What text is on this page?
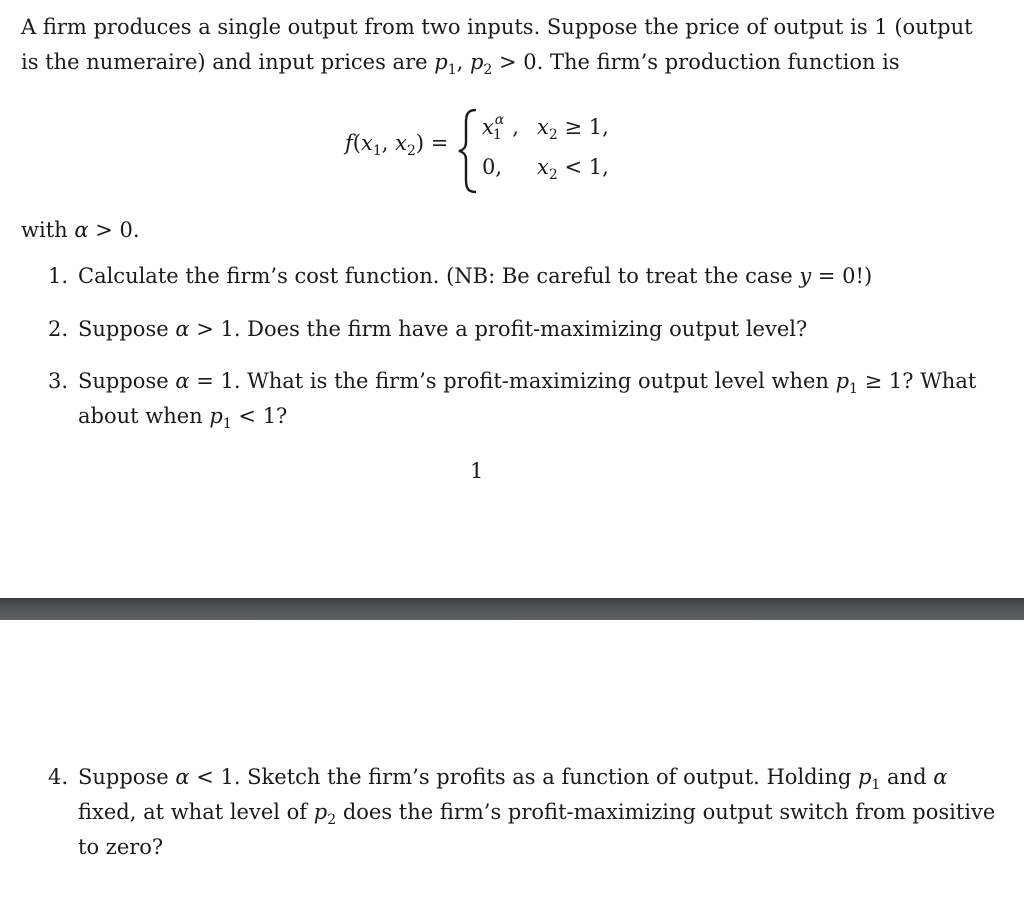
A firm produces a single output from two inputs. Suppose the price of output is 1 (output
is the numeraire) and input prices are $p_1$, $p_2 > 0$. The firm’s production function is
$f(x_1$, $x_2$) =
$x_1^\alpha$ , $x_2 \ge 1$,
0, $x_2 < 1$,
with α > 0.
1. Calculate the firm’s cost function. (NB: Be careful to treat the case y = 0!)
2. Suppose α > 1. Does the firm have a profit-maximizing output level?
3. Suppose α = 1. What is the firm’s profit-maximizing output level when $p_1 \ge 1$? What
about when $p_1 < 1$?
1
4. Suppose α < 1. Sketch the firm’s profits as a function of output. Holding $p_1$ and α
fixed, at what level of $p_2$ does the firm’s profit-maximizing output switch from positive
to zero?
